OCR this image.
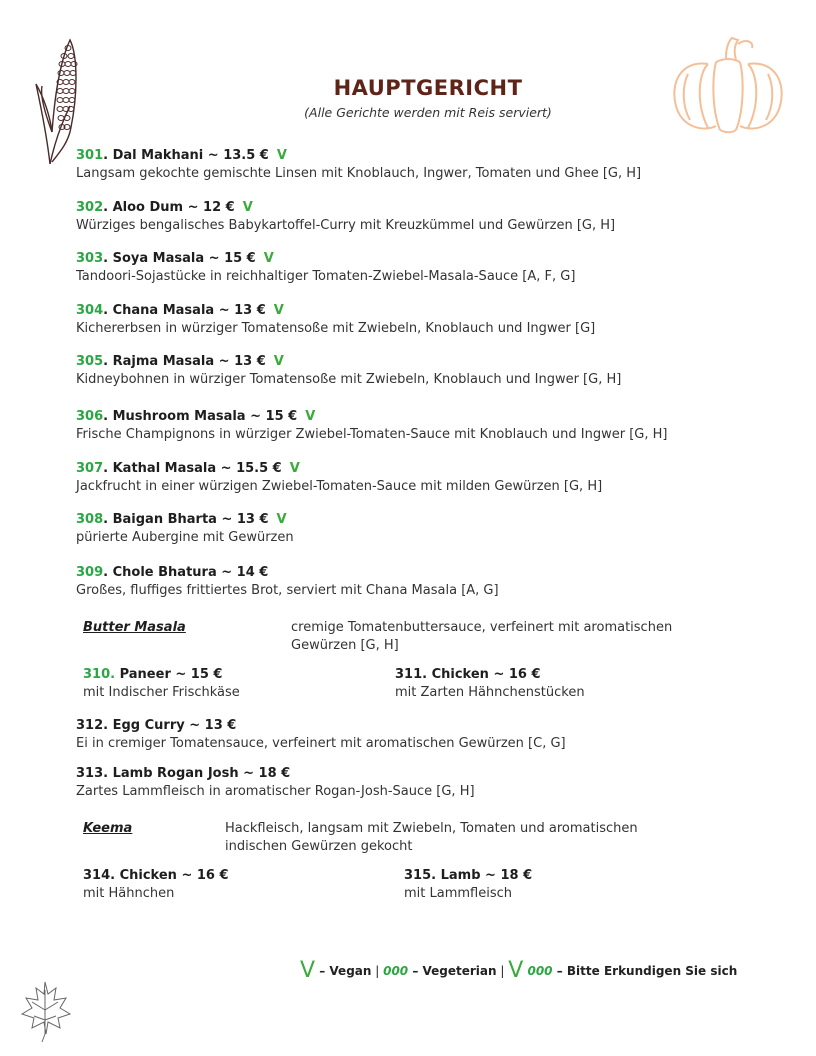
HAUPTGERICHT
(Alle Gerichte werden mit Reis serviert)
301. Dal Makhani ~ 13.5 € V
Langsam gekochte gemischte Linsen mit Knoblauch, Ingwer, Tomaten und Ghee [G, H]
302. Aloo Dum ~ 12 € V
Würziges bengalisches Babykartoffel-Curry mit Kreuzkümmel und Gewürzen [G, H]
303. Soya Masala ~ 15 € V
Tandoori-Sojastücke in reichhaltiger Tomaten-Zwiebel-Masala-Sauce [A, F, G]
304. Chana Masala ~ 13 € V
Kichererbsen in würziger Tomatensoße mit Zwiebeln, Knoblauch und Ingwer [G]
305. Rajma Masala ~ 13 € V
Kidneybohnen in würziger Tomatensoße mit Zwiebeln, Knoblauch und Ingwer [G, H]
306. Mushroom Masala ~ 15 € V
Frische Champignons in würziger Zwiebel-Tomaten-Sauce mit Knoblauch und Ingwer [G, H]
307. Kathal Masala ~ 15.5 € V
Jackfrucht in einer würzigen Zwiebel-Tomaten-Sauce mit milden Gewürzen [G, H]
308. Baigan Bharta ~ 13 € V
pürierte Aubergine mit Gewürzen
309. Chole Bhatura ~ 14 €
Großes, fluffiges frittiertes Brot, serviert mit Chana Masala [A, G]
Butter Masala	cremige Tomatenbuttersauce, verfeinert mit aromatischen
Gewürzen [G, H]
310. Paneer ~ 15 €
mit Indischer Frischkäse
311. Chicken ~ 16 €
mit Zarten Hähnchenstücken
312. Egg Curry ~ 13 €
Ei in cremiger Tomatensauce, verfeinert mit aromatischen Gewürzen [C, G]
313. Lamb Rogan Josh ~ 18 €
Zartes Lammfleisch in aromatischer Rogan-Josh-Sauce [G, H]
Keema	Hackfleisch, langsam mit Zwiebeln, Tomaten und aromatischen
indischen Gewürzen gekocht
314. Chicken ~ 16 €
mit Hähnchen
315. Lamb ~ 18 €
mit Lammfleisch
V – Vegan | 000 – Vegeterian | V 000 – Bitte Erkundigen Sie sich
